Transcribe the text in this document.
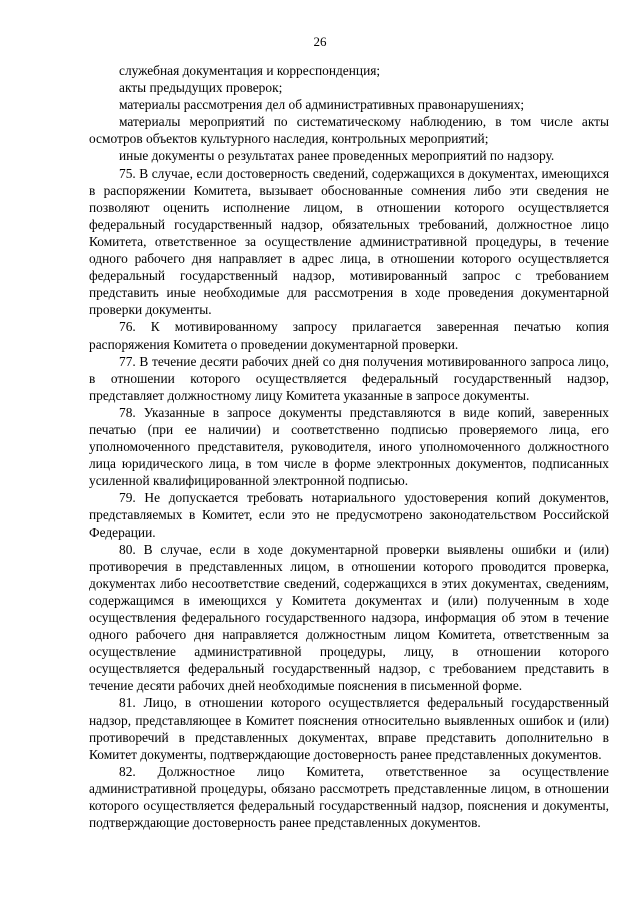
26

служебная документация и корреспонденция;

акты предыдущих проверок;

материалы рассмотрения дел об административных правонарушениях;

материалы мероприятий по систематическому наблюдению, в том числе акты осмотров объектов культурного наследия, контрольных мероприятий;

иные документы о результатах ранее проведенных мероприятий по надзору.

75. В случае, если достоверность сведений, содержащихся в документах, имеющихся в распоряжении Комитета, вызывает обоснованные сомнения либо эти сведения не позволяют оценить исполнение лицом, в отношении которого осуществляется федеральный государственный надзор, обязательных требований, должностное лицо Комитета, ответственное за осуществление административной процедуры, в течение одного рабочего дня направляет в адрес лица, в отношении которого осуществляется федеральный государственный надзор, мотивированный запрос с требованием представить иные необходимые для рассмотрения в ходе проведения документарной проверки документы.

76. К мотивированному запросу прилагается заверенная печатью копия распоряжения Комитета о проведении документарной проверки.

77. В течение десяти рабочих дней со дня получения мотивированного запроса лицо, в отношении которого осуществляется федеральный государственный надзор, представляет должностному лицу Комитета указанные в запросе документы.

78. Указанные в запросе документы представляются в виде копий, заверенных печатью (при ее наличии) и соответственно подписью проверяемого лица, его уполномоченного представителя, руководителя, иного уполномоченного должностного лица юридического лица, в том числе в форме электронных документов, подписанных усиленной квалифицированной электронной подписью.

79. Не допускается требовать нотариального удостоверения копий документов, представляемых в Комитет, если это не предусмотрено законодательством Российской Федерации.

80. В случае, если в ходе документарной проверки выявлены ошибки и (или) противоречия в представленных лицом, в отношении которого проводится проверка, документах либо несоответствие сведений, содержащихся в этих документах, сведениям, содержащимся в имеющихся у Комитета документах и (или) полученным в ходе осуществления федерального государственного надзора, информация об этом в течение одного рабочего дня направляется должностным лицом Комитета, ответственным за осуществление административной процедуры, лицу, в отношении которого осуществляется федеральный государственный надзор, с требованием представить в течение десяти рабочих дней необходимые пояснения в письменной форме.

81. Лицо, в отношении которого осуществляется федеральный государственный надзор, представляющее в Комитет пояснения относительно выявленных ошибок и (или) противоречий в представленных документах, вправе представить дополнительно в Комитет документы, подтверждающие достоверность ранее представленных документов.

82. Должностное лицо Комитета, ответственное за осуществление административной процедуры, обязано рассмотреть представленные лицом, в отношении которого осуществляется федеральный государственный надзор, пояснения и документы, подтверждающие достоверность ранее представленных документов.
